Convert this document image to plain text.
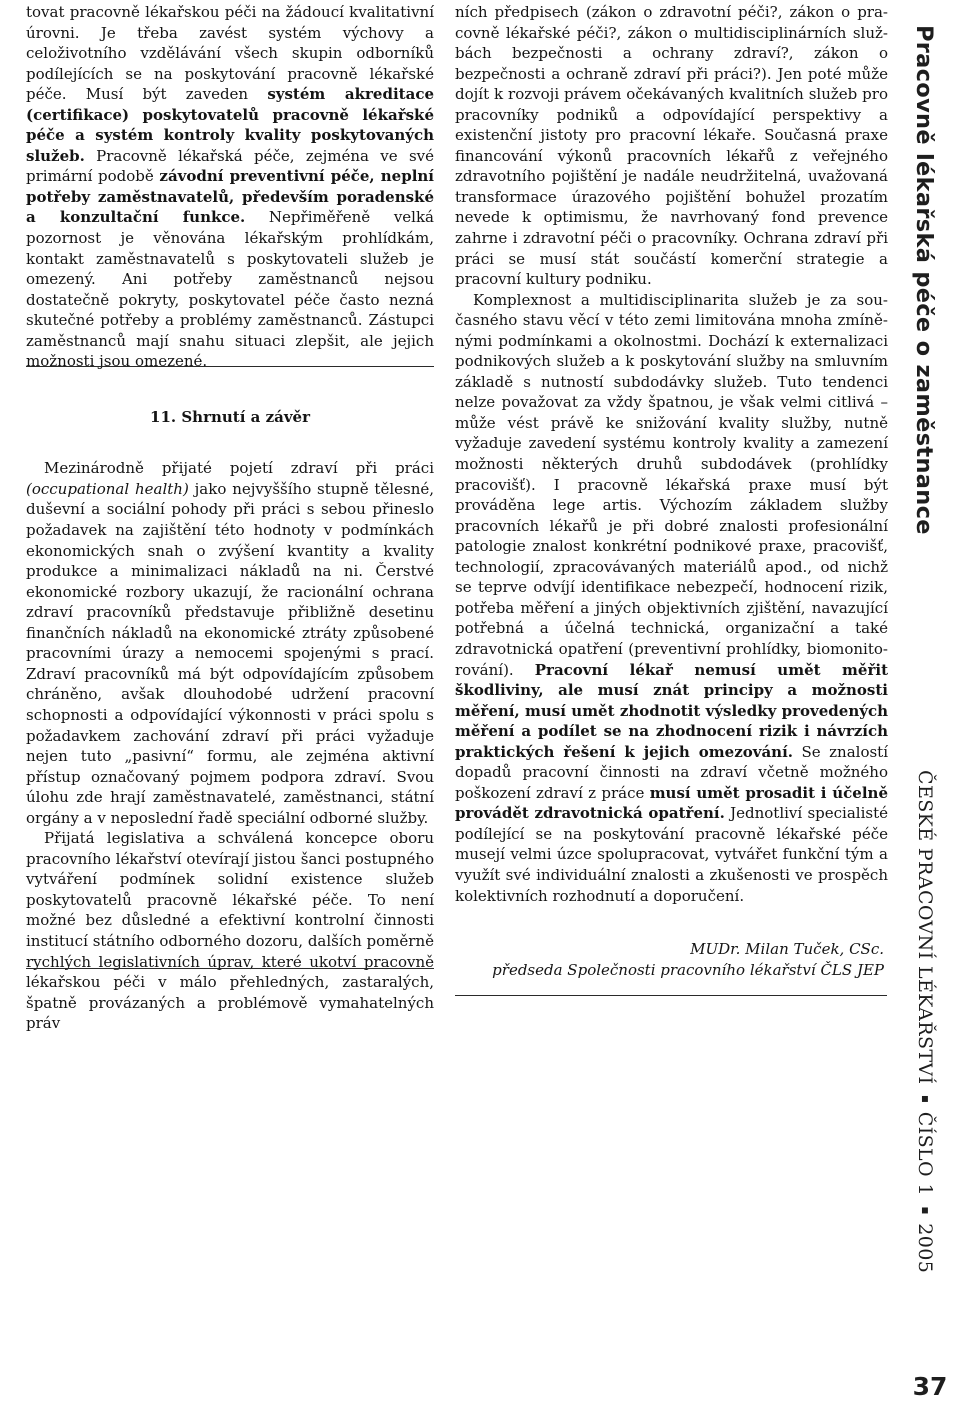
tovat pracovně lékařskou péči na žádoucí kvalitativní úrovni. Je třeba zavést systém výchovy a celoživotního vzdělávání všech skupin odborníků podílejících se na poskytování pracovně lékařské péče. Musí být zaveden systém akreditace (certifikace) poskytovatelů pracovně lékařské péče a systém kontroly kvality poskytovaných služeb. Pracovně lékařská péče, zejména ve své primární podobě závodní preventivní péče, neplní potřeby zaměstnavatelů, především poradenské a konzultační funkce. Nepřiměřeně velká pozornost je věnována lékařským prohlídkám, kontakt zaměstnavatelů s poskytovateli služeb je omezený. Ani potřeby zaměstnanců nejsou dostatečně pokryty, poskytovatel péče často nezná skutečné potřeby a problémy zaměstnanců. Zástupci zaměstnanců mají snahu situaci zlepšit, ale jejich možnosti jsou omezené.

11. Shrnutí a závěr

Mezinárodně přijaté pojetí zdraví při práci (occupational health) jako nejvyššího stupně tělesné, duševní a sociální pohody při práci s sebou přineslo požadavek na zajištění této hodnoty v podmínkách ekonomických snah o zvýšení kvantity a kvality produkce a minimalizaci nákladů na ni. Čerstvé ekonomické rozbory ukazují, že racionální ochrana zdraví pracovníků představuje přibližně desetinu finančních nákladů na ekonomické ztráty způsobené pracovními úrazy a nemocemi spojenými s prací. Zdraví pracovníků má být odpovídajícím způsobem chráněno, avšak dlouhodobé udržení pracovní schopnosti a odpovídající výkonnosti v práci spolu s požadavkem zachování zdraví při práci vyžaduje nejen tuto „pasivní“ formu, ale zejména aktivní přístup označovaný pojmem podpora zdraví. Svou úlohu zde hrají zaměstnavatelé, zaměstnanci, státní orgány a v neposlední řadě speciální odborné služby.

Přijatá legislativa a schválená koncepce oboru pracovního lékařství otevírají jistou šanci postupného vytváření podmínek solidní existence služeb poskytovatelů pracovně lékařské péče. To není možné bez důsledné a efektivní kontrolní činnosti institucí státního odborného dozoru, dalších poměrně rychlých legislativních úprav, které ukotví pracovně lékařskou péči v málo přehledných, zastaralých, špatně provázaných a problémově vymahatelných práv

ních předpisech (zákon o zdravotní péči?, zákon o pracovně lékařské péči?, zákon o multidisciplinárních službách bezpečnosti a ochrany zdraví?, zákon o bezpečnosti a ochraně zdraví při práci?). Jen poté může dojít k rozvoji právem očekávaných kvalitních služeb pro pracovníky podniků a odpovídající perspektivy a existenční jistoty pro pracovní lékaře. Současná praxe financování výkonů pracovních lékařů z veřejného zdravotního pojištění je nadále neudržitelná, uvažovaná transformace úrazového pojištění bohužel prozatím nevede k optimismu, že navrhovaný fond prevence zahrne i zdravotní péči o pracovníky. Ochrana zdraví při práci se musí stát součástí komerční strategie a pracovní kultury podniku.

Komplexnost a multidisciplinarita služeb je za současného stavu věcí v této zemi limitována mnoha zmíněnými podmínkami a okolnostmi. Dochází k externalizaci podnikových služeb a k poskytování služby na smluvním základě s nutností subdodávky služeb. Tuto tendenci nelze považovat za vždy špatnou, je však velmi citlivá – může vést právě ke snižování kvality služby, nutně vyžaduje zavedení systému kontroly kvality a zamezení možnosti některých druhů subdodávek (prohlídky pracovišť). I pracovně lékařská praxe musí být prováděna lege artis. Výchozím základem služby pracovních lékařů je při dobré znalosti profesionální patologie znalost konkrétní podnikové praxe, pracovišť, technologií, zpracovávaných materiálů apod., od nichž se teprve odvíjí identifikace nebezpečí, hodnocení rizik, potřeba měření a jiných objektivních zjištění, navazující potřebná a účelná technická, organizační a také zdravotnická opatření (preventivní prohlídky, biomonitorování). Pracovní lékař nemusí umět měřit škodliviny, ale musí znát principy a možnosti měření, musí umět zhodnotit výsledky provedených měření a podílet se na zhodnocení rizik i návrzích praktických řešení k jejich omezování. Se znalostí dopadů pracovní činnosti na zdraví včetně možného poškození zdraví z práce musí umět prosadit i účelně provádět zdravotnická opatření. Jednotliví specialisté podílející se na poskytování pracovně lékařské péče musejí velmi úzce spolupracovat, vytvářet funkční tým a využít své individuální znalosti a zkušenosti ve prospěch kolektivních rozhodnutí a doporučení.

MUDr. Milan Tuček, CSc.

předseda Společnosti pracovního lékařství ČLS JEP

Pracovně lékařská péče o zaměstnance
ČESKÉ PRACOVNÍ LÉKAŘSTVÍ ▪ ČÍSLO 1 ▪ 2005
37
